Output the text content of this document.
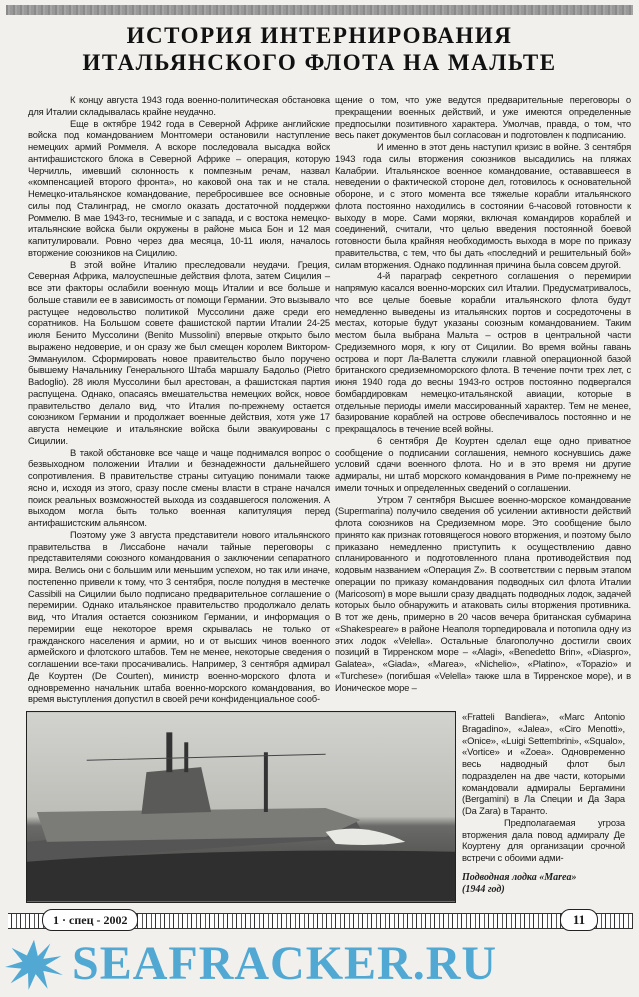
ИСТОРИЯ ИНТЕРНИРОВАНИЯ
ИТАЛЬЯНСКОГО ФЛОТА НА МАЛЬТЕ

К концу августа 1943 года военно-политическая обстановка для Италии складывалась крайне неудачно.

Еще в октябре 1942 года в Северной Африке английские войска под командованием Монтгомери остановили наступление немецких армий Роммеля. А вскоре последовала высадка войск антифашистского блока в Северной Африке – операция, которую Черчилль, имевший склонность к помпезным речам, назвал «компенсацией второго фронта», но каковой она так и не стала. Немецко-итальянское командование, перебросившее все основные силы под Сталинград, не смогло оказать достаточной поддержки Роммелю. В мае 1943-го, теснимые и с запада, и с востока немецко-итальянские войска были окружены в районе мыса Бон и 12 мая капитулировали. Ровно через два месяца, 10-11 июля, началось вторжение союзников на Сицилию.

В этой войне Италию преследовали неудачи. Греция, Северная Африка, малоуспешные действия флота, затем Сицилия – все эти факторы ослабили военную мощь Италии и все больше и больше ставили ее в зависимость от помощи Германии. Это вызывало растущее недовольство политикой Муссолини даже среди его соратников. На Большом совете фашистской партии Италии 24-25 июля Бенито Муссолини (Benito Mussolini) впервые открыто было выражено недоверие, и он сразу же был смещен королем Виктором-Эммануилом. Сформировать новое правительство было поручено бывшему Начальнику Генерального Штаба маршалу Бадольо (Pietro Badoglio). 28 июля Муссолини был арестован, а фашистская партия распущена. Однако, опасаясь вмешательства немецких войск, новое правительство делало вид, что Италия по-прежнему остается союзником Германии и продолжает военные действия, хотя уже 17 августа немецкие и итальянские войска были эвакуированы с Сицилии.

В такой обстановке все чаще и чаще поднимался вопрос о безвыходном положении Италии и безнадежности дальнейшего сопротивления. В правительстве страны ситуацию понимали также ясно и, исходя из этого, сразу после смены власти в стране начался поиск реальных возможностей выхода из создавшегося положения. А выходом могла быть только военная капитуляция перед антифашистским альянсом.

Поэтому уже 3 августа представители нового итальянского правительства в Лиссабоне начали тайные переговоры с представителями союзного командования о заключении сепаратного мира. Велись они с большим или меньшим успехом, но так или иначе, постепенно привели к тому, что 3 сентября, после полудня в местечке Cassibili на Сицилии было подписано предварительное соглашение о перемирии. Однако итальянское правительство продолжало делать вид, что Италия остается союзником Германии, и информация о перемирии еще некоторое время скрывалась не только от гражданского населения и армии, но и от высших чинов военного армейского и флотского штабов. Тем не менее, некоторые сведения о соглашении все-таки просачивались. Например, 3 сентября адмирал Де Коуртен (De Courten), министр военно-морского флота и одновременно начальник штаба военно-морского командования, во время выступления допустил в своей речи конфиденциальное сооб-

щение о том, что уже ведутся предварительные переговоры о прекращении военных действий, и уже имеются определенные предпосылки позитивного характера. Умолчав, правда, о том, что весь пакет документов был согласован и подготовлен к подписанию.

И именно в этот день наступил кризис в войне. 3 сентября 1943 года силы вторжения союзников высадились на пляжах Калабрии. Итальянское военное командование, остававшееся в неведении о фактической стороне дел, готовилось к основательной обороне, и с этого момента все тяжелые корабли итальянского флота постоянно находились в состоянии 6-часовой готовности к выходу в море. Сами моряки, включая командиров кораблей и соединений, считали, что целью введения постоянной боевой готовности была крайняя необходимость выхода в море по приказу правительства, с тем, что бы дать «последний и решительный бой» силам вторжения. Однако подлинная причина была совсем другой.

4-й параграф секретного соглашения о перемирии напрямую касался военно-морских сил Италии. Предусматривалось, что все целые боевые корабли итальянского флота будут немедленно выведены из итальянских портов и сосредоточены в местах, которые будут указаны союзным командованием. Таким местом была выбрана Мальта – остров в центральной части Средиземного моря, к югу от Сицилии. Во время войны гавань острова и порт Ла-Валетта служили главной операционной базой британского средиземноморского флота. В течение почти трех лет, с июня 1940 года до весны 1943-го остров постоянно подвергался бомбардировкам немецко-итальянской авиации, которые в отдельные периоды имели массированный характер. Тем не менее, базирование кораблей на острове обеспечивалось постоянно и не прекращалось в течение всей войны.

6 сентября Де Коуртен сделал еще одно приватное сообщение о подписании соглашения, немного коснувшись даже условий сдачи военного флота. Но и в это время ни другие адмиралы, ни штаб морского командования в Риме по-прежнему не имели точных и определенных сведений о соглашении.

Утром 7 сентября Высшее военно-морское командование (Supermarina) получило сведения об усилении активности действий флота союзников на Средиземном море. Это сообщение было принято как признак готовящегося нового вторжения, и поэтому было приказано немедленно приступить к осуществлению давно спланированного и подготовленного плана противодействия под кодовым названием «Операция Z». В соответствии с первым этапом операции по приказу командования подводных сил флота Италии (Maricosom) в море вышли сразу двадцать подводных лодок, задачей которых было обнаружить и атаковать силы вторжения противника. В тот же день, примерно в 20 часов вечера британская субмарина «Shakespeare» в районе Неаполя торпедировала и потопила одну из этих лодок «Velella». Остальные благополучно достигли своих позиций в Тирренском море – «Alagi», «Benedetto Brin», «Diaspro», Galatea», «Giada», «Marea», «Nichelio», «Platino», «Topazio» и «Turchese» (погибшая «Velella» также шла в Тирренское море), и в Ионическое море –

«Fratteli Bandiera», «Marc Antonio Bragadino», «Jalea», «Ciro Menotti», «Onice», «Luigi Settembrini», «Squalo», «Vortice» и «Zoea». Одновременно весь надводный флот был подразделен на две части, которыми командовали адмиралы Бергамини (Bergamini) в Ла Специи и Да Зара (Da Zara) в Таранто.

Предполагаемая угроза вторжения дала повод адмиралу Де Коуртену для организации срочной встречи с обоими адми-

Подводная лодка «Marea»
(1944 год)
1 · спец - 2002	11
SEAFRACKER.RU
